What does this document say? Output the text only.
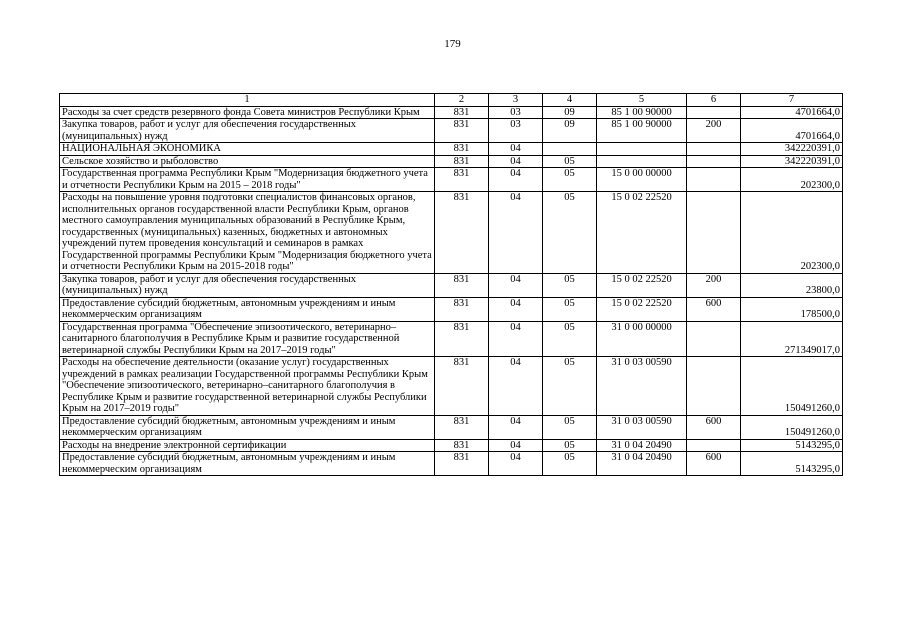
179
1	2	3	4	5	6	7
Расходы за счет средств резервного фонда Совета министров Республики Крым	831	03	09	85 1 00 90000		4701664,0
Закупка товаров, работ и услуг для обеспечения государственных (муниципальных) нужд	831	03	09	85 1 00 90000	200	4701664,0
НАЦИОНАЛЬНАЯ ЭКОНОМИКА	831	04				342220391,0
Сельское хозяйство и рыболовство	831	04	05			342220391,0
Государственная программа Республики Крым "Модернизация бюджетного учета и отчетности Республики Крым на 2015 – 2018 годы"	831	04	05	15 0 00 00000		202300,0
Расходы на повышение уровня подготовки специалистов финансовых органов, исполнительных органов государственной власти Республики Крым, органов местного самоуправления муниципальных образований в Республике Крым, государственных (муниципальных) казенных, бюджетных и автономных учреждений путем проведения консультаций и семинаров в рамках Государственной программы Республики Крым "Модернизация бюджетного учета и отчетности Республики Крым на 2015-2018 годы"	831	04	05	15 0 02 22520		202300,0
Закупка товаров, работ и услуг для обеспечения государственных (муниципальных) нужд	831	04	05	15 0 02 22520	200	23800,0
Предоставление субсидий бюджетным, автономным учреждениям и иным некоммерческим организациям	831	04	05	15 0 02 22520	600	178500,0
Государственная программа "Обеспечение эпизоотического, ветеринарно–санитарного благополучия в Республике Крым и развитие государственной ветеринарной службы Республики Крым на 2017–2019 годы"	831	04	05	31 0 00 00000		271349017,0
Расходы на обеспечение деятельности (оказание услуг) государственных учреждений в рамках реализации Государственной программы Республики Крым "Обеспечение эпизоотического, ветеринарно–санитарного благополучия в Республике Крым и развитие государственной ветеринарной службы Республики Крым на 2017–2019 годы"	831	04	05	31 0 03 00590		150491260,0
Предоставление субсидий бюджетным, автономным учреждениям и иным некоммерческим организациям	831	04	05	31 0 03 00590	600	150491260,0
Расходы на внедрение электронной сертификации	831	04	05	31 0 04 20490		5143295,0
Предоставление субсидий бюджетным, автономным учреждениям и иным некоммерческим организациям	831	04	05	31 0 04 20490	600	5143295,0
